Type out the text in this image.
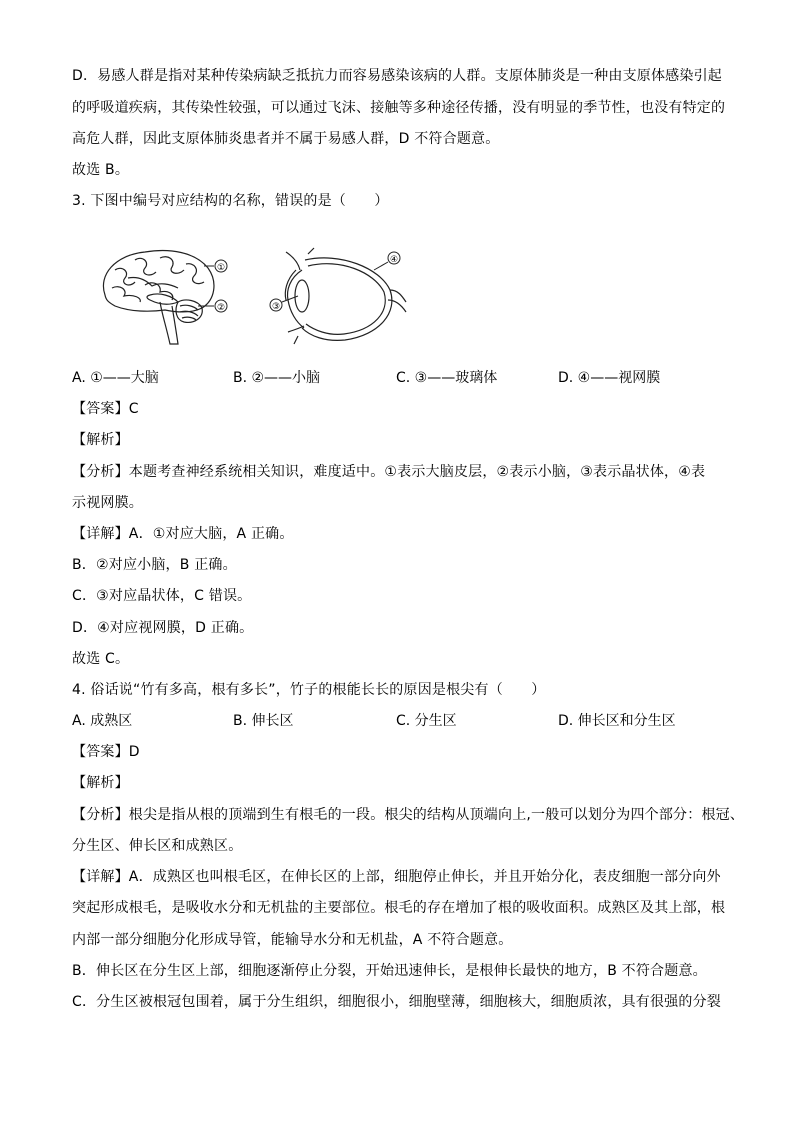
D．易感人群是指对某种传染病缺乏抵抗力而容易感染该病的人群。支原体肺炎是一种由支原体感染引起
的呼吸道疾病，其传染性较强，可以通过飞沫、接触等多种途径传播，没有明显的季节性，也没有特定的
高危人群，因此支原体肺炎患者并不属于易感人群，D 不符合题意。
故选 B。
3. 下图中编号对应结构的名称，错误的是（　　）
①
②
④
③
A. ①——大脑	B. ②——小脑	C. ③——玻璃体	D. ④——视网膜
【答案】C
【解析】
【分析】本题考查神经系统相关知识，难度适中。①表示大脑皮层，②表示小脑，③表示晶状体，④表
示视网膜。
【详解】A．①对应大脑，A 正确。
B．②对应小脑，B 正确。
C．③对应晶状体，C 错误。
D．④对应视网膜，D 正确。
故选 C。
4. 俗话说“竹有多高，根有多长”，竹子的根能长长的原因是根尖有（　　）
A. 成熟区	B. 伸长区	C. 分生区	D. 伸长区和分生区
【答案】D
【解析】
【分析】根尖是指从根的顶端到生有根毛的一段。根尖的结构从顶端向上,一般可以划分为四个部分：根冠、
分生区、伸长区和成熟区。
【详解】A．成熟区也叫根毛区，在伸长区的上部，细胞停止伸长，并且开始分化，表皮细胞一部分向外
突起形成根毛，是吸收水分和无机盐的主要部位。根毛的存在增加了根的吸收面积。成熟区及其上部，根
内部一部分细胞分化形成导管，能输导水分和无机盐，A 不符合题意。
B．伸长区在分生区上部，细胞逐渐停止分裂，开始迅速伸长，是根伸长最快的地方，B 不符合题意。
C．分生区被根冠包围着，属于分生组织，细胞很小，细胞壁薄，细胞核大，细胞质浓，具有很强的分裂
